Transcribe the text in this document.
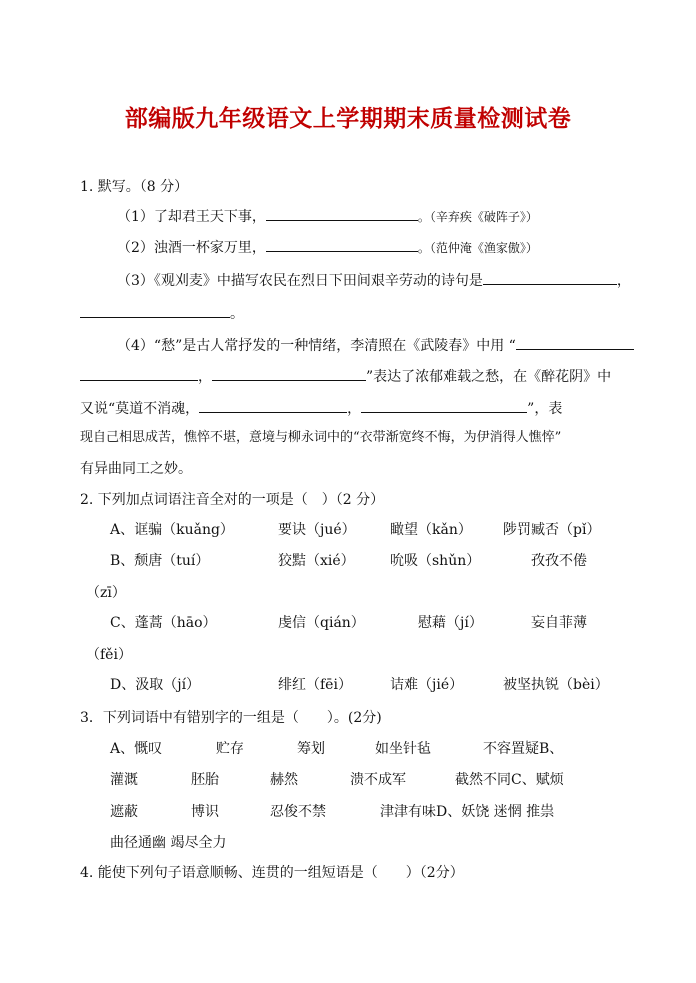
部编版九年级语文上学期期末质量检测试卷
1. 默写。（8 分）
（1）了却君王天下事，	。（辛弃疾《破阵子》）
（2）浊酒一杯家万里，	。（范仲淹《渔家傲》）
（3）《观刈麦》中描写农民在烈日下田间艰辛劳动的诗句是	，
。
（4）“愁”是古人常抒发的一种情绪，李清照在《武陵春》中用 “
，	”表达了浓郁难载之愁，在《醉花阴》中
又说“莫道不消魂，	，	”，表
现自己相思成苦，憔悴不堪，意境与柳永词中的“衣带渐宽终不悔，为伊消得人憔悴”
有异曲同工之妙。
2. 下列加点词语注音全对的一项是（　）（2 分）
A、诓骗（kuǎng）	要诀（jué） 瞰望（kǎn） 陟罚臧否（pǐ）
B、颓唐（tuí）	狡黠（xié）	吮吸（shǔn）	孜孜不倦
（zī）
C、蓬蒿（hāo）	虔信（qián）	慰藉（jí）	妄自菲薄
（fěi）
D、汲取（jí）	绯红（fēi）	诘难（jié）	被坚执锐（bèi）
3．下列词语中有错别字的一组是（　　）。(2分)
A、慨叹	贮存	筹划	如坐针毡	不容置疑B、
灌溉	胚胎	赫然	溃不成军	截然不同C、赋烦
遮蔽	博识	忍俊不禁	津津有味D、妖饶 迷惘 推祟
曲径通幽 竭尽全力
4. 能使下列句子语意顺畅、连贯的一组短语是（　　）（2分）
